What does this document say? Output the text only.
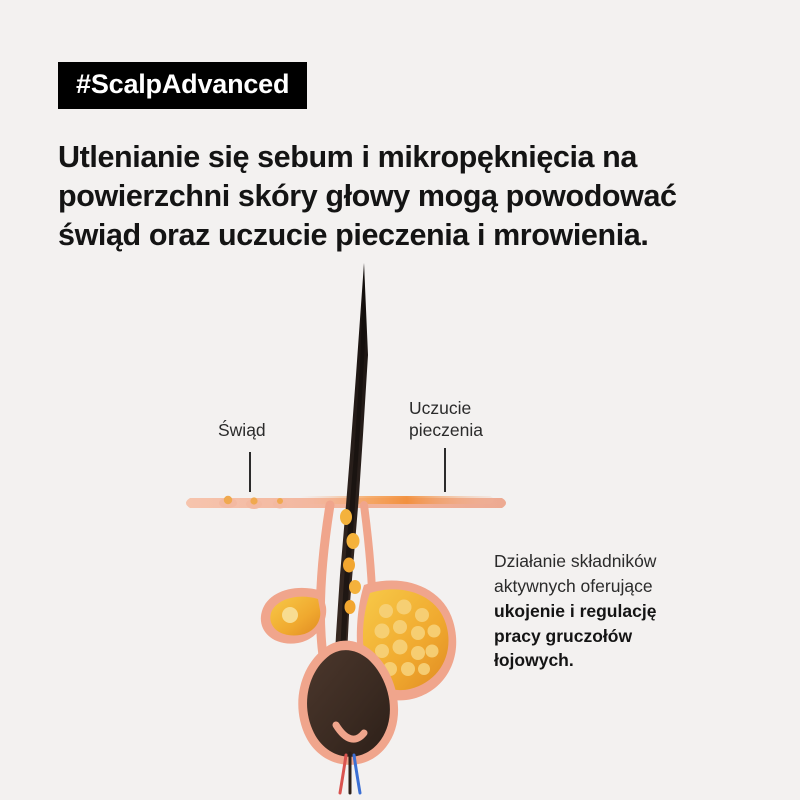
#ScalpAdvanced
Utlenianie się sebum i mikropęknięcia na powierzchni skóry głowy mogą powodować świąd oraz uczucie pieczenia i mrowienia.
Świąd
Uczucie
pieczenia
Działanie składników
aktywnych oferujące
ukojenie i regulację
pracy gruczołów
łojowych.
